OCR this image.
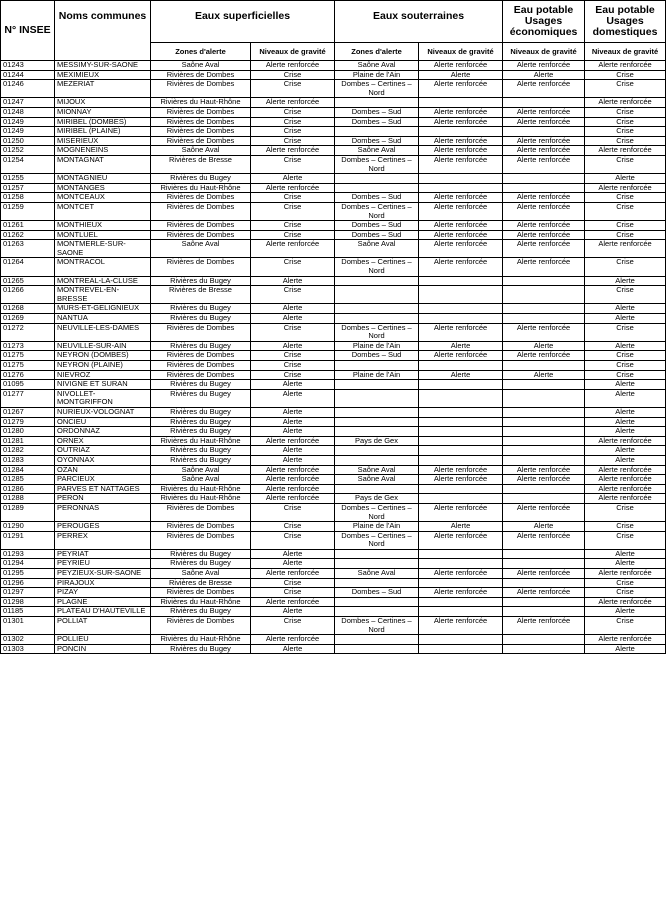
N° INSEE	Noms communes	Eaux superficielles		Eaux souterraines		Eau potable Usages économiques	Eau potable Usages domestiques
		Zones d'alerte	Niveaux de gravité	Zones d'alerte	Niveaux de gravité	Niveaux de gravité	Niveaux de gravité
01243	MESSIMY-SUR-SAONE	Saône Aval	Alerte renforcée	Saône Aval	Alerte renforcée	Alerte renforcée	Alerte renforcée
01244	MEXIMIEUX	Rivières de Dombes	Crise	Plaine de l'Ain	Alerte	Alerte	Crise
01246	MEZERIAT	Rivières de Dombes	Crise	Dombes – Certines – Nord	Alerte renforcée	Alerte renforcée	Crise
01247	MIJOUX	Rivières du Haut-Rhône	Alerte renforcée				Alerte renforcée
01248	MIONNAY	Rivières de Dombes	Crise	Dombes – Sud	Alerte renforcée	Alerte renforcée	Crise
01249	MIRIBEL (DOMBES)	Rivières de Dombes	Crise	Dombes – Sud	Alerte renforcée	Alerte renforcée	Crise
01249	MIRIBEL (PLAINE)	Rivières de Dombes	Crise				Crise
01250	MISERIEUX	Rivières de Dombes	Crise	Dombes – Sud	Alerte renforcée	Alerte renforcée	Crise
01252	MOGNENEINS	Saône Aval	Alerte renforcée	Saône Aval	Alerte renforcée	Alerte renforcée	Alerte renforcée
01254	MONTAGNAT	Rivières de Bresse	Crise	Dombes – Certines – Nord	Alerte renforcée	Alerte renforcée	Crise
01255	MONTAGNIEU	Rivières du Bugey	Alerte				Alerte
01257	MONTANGES	Rivières du Haut-Rhône	Alerte renforcée				Alerte renforcée
01258	MONTCEAUX	Rivières de Dombes	Crise	Dombes – Sud	Alerte renforcée	Alerte renforcée	Crise
01259	MONTCET	Rivières de Dombes	Crise	Dombes – Certines – Nord	Alerte renforcée	Alerte renforcée	Crise
01261	MONTHIEUX	Rivières de Dombes	Crise	Dombes – Sud	Alerte renforcée	Alerte renforcée	Crise
01262	MONTLUEL	Rivières de Dombes	Crise	Dombes – Sud	Alerte renforcée	Alerte renforcée	Crise
01263	MONTMERLE-SUR-SAONE	Saône Aval	Alerte renforcée	Saône Aval	Alerte renforcée	Alerte renforcée	Alerte renforcée
01264	MONTRACOL	Rivières de Dombes	Crise	Dombes – Certines – Nord	Alerte renforcée	Alerte renforcée	Crise
01265	MONTREAL-LA-CLUSE	Rivières du Bugey	Alerte				Alerte
01266	MONTREVEL-EN-BRESSE	Rivières de Bresse	Crise				Crise
01268	MURS-ET-GELIGNIEUX	Rivières du Bugey	Alerte				Alerte
01269	NANTUA	Rivières du Bugey	Alerte				Alerte
01272	NEUVILLE-LES-DAMES	Rivières de Dombes	Crise	Dombes – Certines – Nord	Alerte renforcée	Alerte renforcée	Crise
01273	NEUVILLE-SUR-AIN	Rivières du Bugey	Alerte	Plaine de l'Ain	Alerte	Alerte	Alerte
01275	NEYRON (DOMBES)	Rivières de Dombes	Crise	Dombes – Sud	Alerte renforcée	Alerte renforcée	Crise
01275	NEYRON (PLAINE)	Rivières de Dombes	Crise				Crise
01276	NIEVROZ	Rivières de Dombes	Crise	Plaine de l'Ain	Alerte	Alerte	Crise
01095	NIVIGNE ET SURAN	Rivières du Bugey	Alerte				Alerte
01277	NIVOLLET-MONTGRIFFON	Rivières du Bugey	Alerte				Alerte
01267	NURIEUX-VOLOGNAT	Rivières du Bugey	Alerte				Alerte
01279	ONCIEU	Rivières du Bugey	Alerte				Alerte
01280	ORDONNAZ	Rivières du Bugey	Alerte				Alerte
01281	ORNEX	Rivières du Haut-Rhône	Alerte renforcée	Pays de Gex			Alerte renforcée
01282	OUTRIAZ	Rivières du Bugey	Alerte				Alerte
01283	OYONNAX	Rivières du Bugey	Alerte				Alerte
01284	OZAN	Saône Aval	Alerte renforcée	Saône Aval	Alerte renforcée	Alerte renforcée	Alerte renforcée
01285	PARCIEUX	Saône Aval	Alerte renforcée	Saône Aval	Alerte renforcée	Alerte renforcée	Alerte renforcée
01286	PARVES ET NATTAGES	Rivières du Haut-Rhône	Alerte renforcée				Alerte renforcée
01288	PERON	Rivières du Haut-Rhône	Alerte renforcée	Pays de Gex			Alerte renforcée
01289	PERONNAS	Rivières de Dombes	Crise	Dombes – Certines – Nord	Alerte renforcée	Alerte renforcée	Crise
01290	PEROUGES	Rivières de Dombes	Crise	Plaine de l'Ain	Alerte	Alerte	Crise
01291	PERREX	Rivières de Dombes	Crise	Dombes – Certines – Nord	Alerte renforcée	Alerte renforcée	Crise
01293	PEYRIAT	Rivières du Bugey	Alerte				Alerte
01294	PEYRIEU	Rivières du Bugey	Alerte				Alerte
01295	PEYZIEUX-SUR-SAONE	Saône Aval	Alerte renforcée	Saône Aval	Alerte renforcée	Alerte renforcée	Alerte renforcée
01296	PIRAJOUX	Rivières de Bresse	Crise				Crise
01297	PIZAY	Rivières de Dombes	Crise	Dombes – Sud	Alerte renforcée	Alerte renforcée	Crise
01298	PLAGNE	Rivières du Haut-Rhône	Alerte renforcée				Alerte renforcée
01185	PLATEAU D'HAUTEVILLE	Rivières du Bugey	Alerte				Alerte
01301	POLLIAT	Rivières de Dombes	Crise	Dombes – Certines – Nord	Alerte renforcée	Alerte renforcée	Crise
01302	POLLIEU	Rivières du Haut-Rhône	Alerte renforcée				Alerte renforcée
01303	PONCIN	Rivières du Bugey	Alerte				Alerte
